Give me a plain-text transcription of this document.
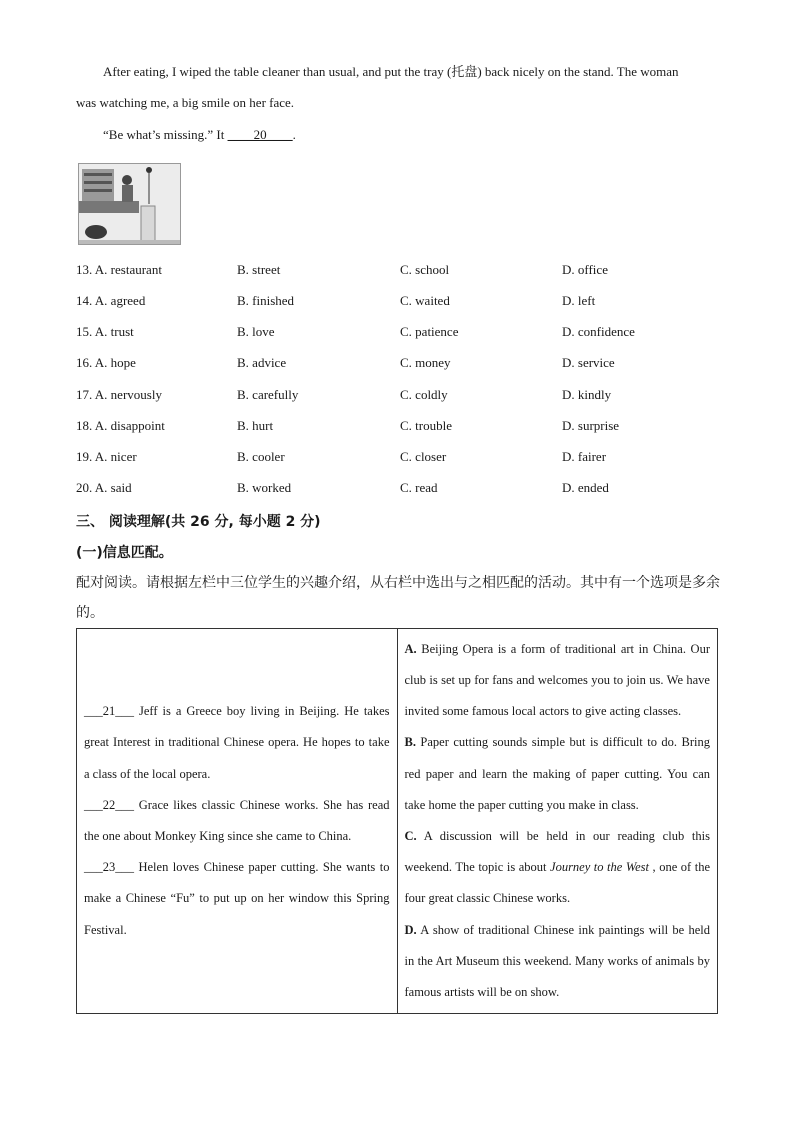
After eating, I wiped the table cleaner than usual, and put the tray (托盘) back nicely on the stand. The woman
was watching me, a big smile on her face.
“Be what’s missing.” It ____20____.
13. A. restaurant	B. street	C. school	D. office
14. A. agreed	B. finished	C. waited	D. left
15. A. trust	B. love	C. patience	D. confidence
16. A. hope	B. advice	C. money	D. service
17. A. nervously	B. carefully	C. coldly	D. kindly
18. A. disappoint	B. hurt	C. trouble	D. surprise
19. A. nicer	B. cooler	C. closer	D. fairer
20. A. said	B. worked	C. read	D. ended
三、 阅读理解(共 26 分, 每小题 2 分)
(一)信息匹配。
配对阅读。请根据左栏中三位学生的兴趣介绍，从右栏中选出与之相匹配的活动。其中有一个选项是多余
的。
___21___ Jeff is a Greece boy living in Beijing. He takes great Interest in traditional Chinese opera. He hopes to take a class of the local opera.
___22___ Grace likes classic Chinese works. She has read the one about Monkey King since she came to China.
___23___ Helen loves Chinese paper cutting. She wants to make a Chinese “Fu” to put up on her window this Spring Festival.

A. Beijing Opera is a form of traditional art in China. Our club is set up for fans and welcomes you to join us. We have invited some famous local actors to give acting classes.
B. Paper cutting sounds simple but is difficult to do. Bring red paper and learn the making of paper cutting. You can take home the paper cutting you make in class.
C. A discussion will be held in our reading club this weekend. The topic is about Journey to the West , one of the four great classic Chinese works.
D. A show of traditional Chinese ink paintings will be held in the Art Museum this weekend. Many works of animals by famous artists will be on show.
